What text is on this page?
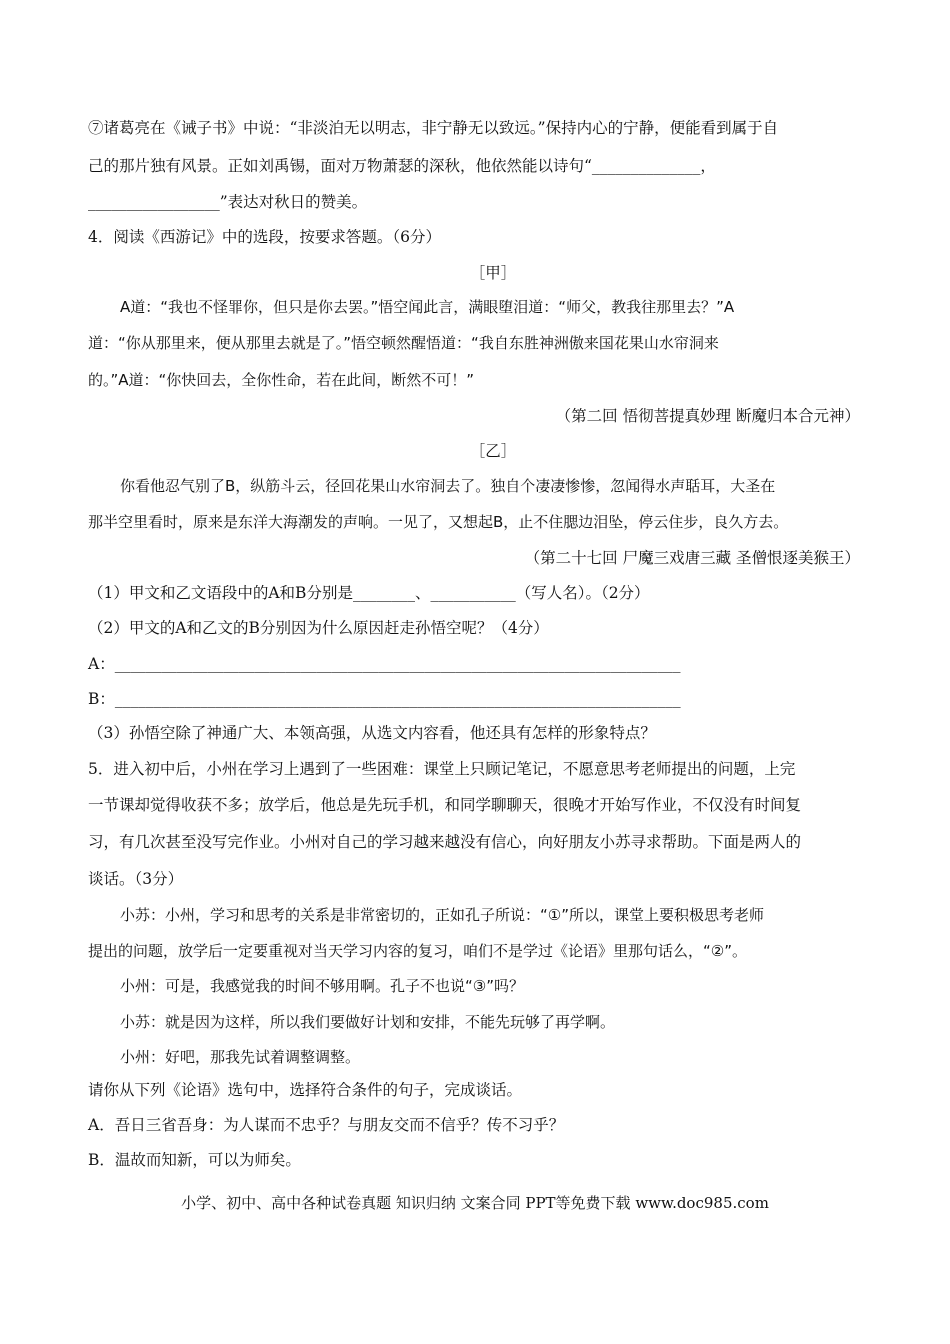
⑦诸葛亮在《诫子书》中说：“非淡泊无以明志，非宁静无以致远。”保持内心的宁静，便能看到属于自
己的那片独有风景。正如刘禹锡，面对万物萧瑟的深秋，他依然能以诗句“______________，
_________________”表达对秋日的赞美。
4．阅读《西游记》中的选段，按要求答题。（6分）
［甲］
A道：“我也不怪罪你，但只是你去罢。”悟空闻此言，满眼堕泪道：“师父，教我往那里去？”A
道：“你从那里来，便从那里去就是了。”悟空顿然醒悟道：“我自东胜神洲傲来国花果山水帘洞来
的。”A道：“你快回去，全你性命，若在此间，断然不可！”
（第二回 悟彻菩提真妙理 断魔归本合元神）
［乙］
你看他忍气别了B，纵筋斗云，径回花果山水帘洞去了。独自个凄凄惨惨，忽闻得水声聒耳，大圣在
那半空里看时，原来是东洋大海潮发的声响。一见了，又想起B，止不住腮边泪坠，停云住步，良久方去。
（第二十七回 尸魔三戏唐三藏 圣僧恨逐美猴王）
（1）甲文和乙文语段中的A和B分别是________、___________（写人名）。（2分）
（2）甲文的A和乙文的B分别因为什么原因赶走孙悟空呢？（4分）
A：_________________________________________________________________________
B：_________________________________________________________________________
（3）孙悟空除了神通广大、本领高强，从选文内容看，他还具有怎样的形象特点？
5．进入初中后，小州在学习上遇到了一些困难：课堂上只顾记笔记，不愿意思考老师提出的问题，上完
一节课却觉得收获不多；放学后，他总是先玩手机，和同学聊聊天，很晚才开始写作业，不仅没有时间复
习，有几次甚至没写完作业。小州对自己的学习越来越没有信心，向好朋友小苏寻求帮助。下面是两人的
谈话。（3分）
小苏：小州，学习和思考的关系是非常密切的，正如孔子所说：“①”所以，课堂上要积极思考老师
提出的问题，放学后一定要重视对当天学习内容的复习，咱们不是学过《论语》里那句话么，“②”。
小州：可是，我感觉我的时间不够用啊。孔子不也说“③”吗？
小苏：就是因为这样，所以我们要做好计划和安排，不能先玩够了再学啊。
小州：好吧，那我先试着调整调整。
请你从下列《论语》选句中，选择符合条件的句子，完成谈话。
A．吾日三省吾身：为人谋而不忠乎？与朋友交而不信乎？传不习乎？
B．温故而知新，可以为师矣。
小学、初中、高中各种试卷真题 知识归纳 文案合同 PPT等免费下载 www.doc985.com
